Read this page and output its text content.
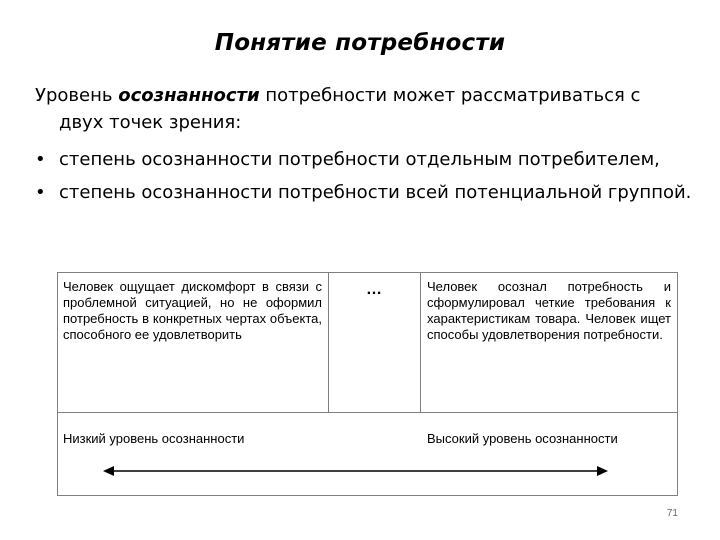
Понятие потребности
Уровень осознанности потребности может рассматриваться с
двух точек зрения:
• степень осознанности потребности отдельным потребителем,
• степень осознанности потребности всей потенциальной группой.
Человек ощущает дискомфорт в связи с проблемной ситуацией, но не оформил потребность в конкретных чертах объекта, способного ее удовлетворить
…	Человек осознал потребность и сформулировал четкие требования к характеристикам товара. Человек ищет способы удовлетворения потребности.
Низкий уровень осознанности	Высокий уровень осознанности
71
